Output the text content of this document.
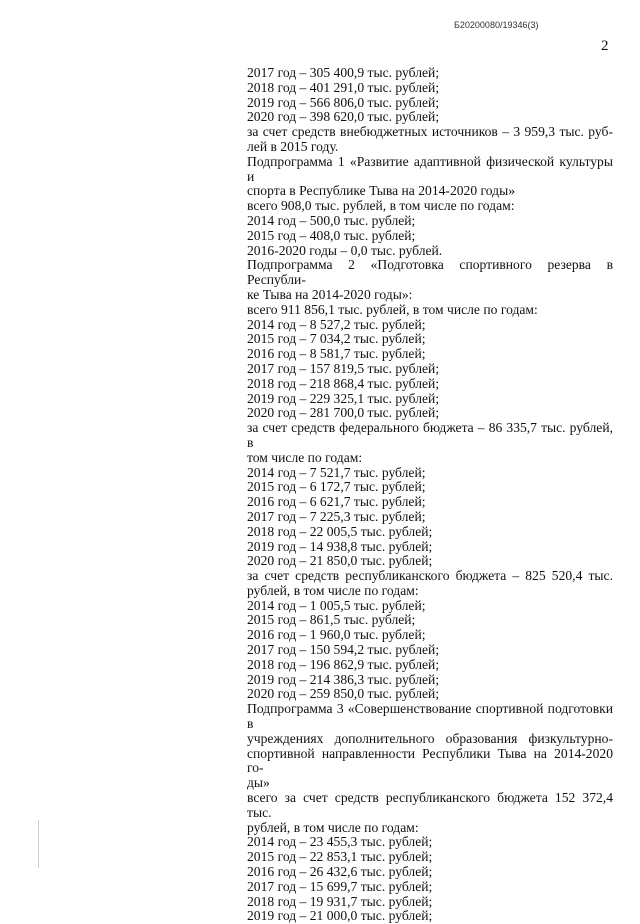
Б20200080/19346(3)
2
2017 год – 305 400,9 тыс. рублей;
2018 год – 401 291,0 тыс. рублей;
2019 год – 566 806,0 тыс. рублей;
2020 год – 398 620,0 тыс. рублей;
за счет средств внебюджетных источников – 3 959,3 тыс. руб-
лей в 2015 году.
Подпрограмма 1 «Развитие адаптивной физической культуры и
спорта в Республике Тыва на 2014-2020 годы»
всего 908,0 тыс. рублей, в том числе по годам:
2014 год – 500,0 тыс. рублей;
2015 год – 408,0 тыс. рублей;
2016-2020 годы – 0,0 тыс. рублей.
Подпрограмма 2 «Подготовка спортивного резерва в Республи-
ке Тыва на 2014-2020 годы»:
всего 911 856,1 тыс. рублей, в том числе по годам:
2014 год – 8 527,2 тыс. рублей;
2015 год – 7 034,2 тыс. рублей;
2016 год – 8 581,7 тыс. рублей;
2017 год – 157 819,5 тыс. рублей;
2018 год – 218 868,4 тыс. рублей;
2019 год – 229 325,1 тыс. рублей;
2020 год – 281 700,0 тыс. рублей;
за счет средств федерального бюджета – 86 335,7 тыс. рублей, в
том числе по годам:
2014 год – 7 521,7 тыс. рублей;
2015 год – 6 172,7 тыс. рублей;
2016 год – 6 621,7 тыс. рублей;
2017 год – 7 225,3 тыс. рублей;
2018 год – 22 005,5 тыс. рублей;
2019 год – 14 938,8 тыс. рублей;
2020 год – 21 850,0 тыс. рублей;
за счет средств республиканского бюджета – 825 520,4 тыс.
рублей, в том числе по годам:
2014 год – 1 005,5 тыс. рублей;
2015 год – 861,5 тыс. рублей;
2016 год – 1 960,0 тыс. рублей;
2017 год – 150 594,2 тыс. рублей;
2018 год – 196 862,9 тыс. рублей;
2019 год – 214 386,3 тыс. рублей;
2020 год – 259 850,0 тыс. рублей;
Подпрограмма 3 «Совершенствование спортивной подготовки в
учреждениях дополнительного образования физкультурно-
спортивной направленности Республики Тыва на 2014-2020 го-
ды»
всего за счет средств республиканского бюджета 152 372,4 тыс.
рублей, в том числе по годам:
2014 год – 23 455,3 тыс. рублей;
2015 год – 22 853,1 тыс. рублей;
2016 год – 26 432,6 тыс. рублей;
2017 год – 15 699,7 тыс. рублей;
2018 год – 19 931,7 тыс. рублей;
2019 год – 21 000,0 тыс. рублей;
